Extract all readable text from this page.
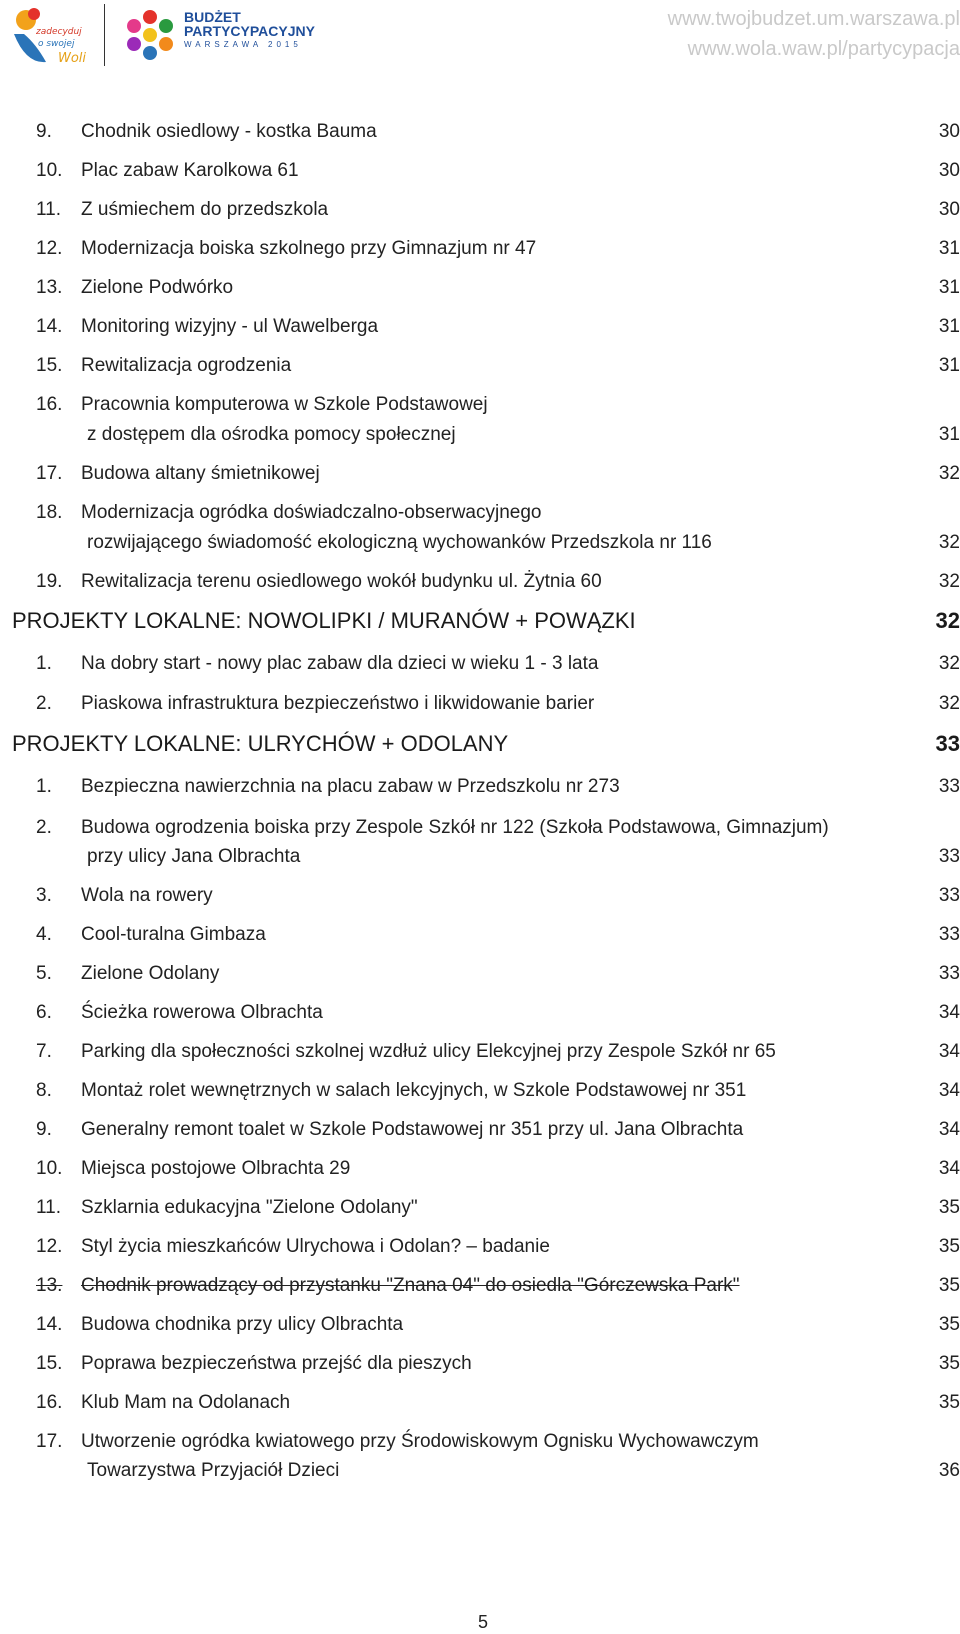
zadecyduj
o swojej
Woli
BUDŻET
PARTYCYPACYJNY
WARSZAWA 2015
www.twojbudzet.um.warszawa.pl
www.wola.waw.pl/partycypacja
9. Chodnik osiedlowy - kostka Bauma	30
10. Plac zabaw Karolkowa 61	30
11. Z uśmiechem do przedszkola	30
12. Modernizacja boiska szkolnego przy Gimnazjum nr 47	31
13. Zielone Podwórko	31
14. Monitoring wizyjny - ul Wawelberga	31
15. Rewitalizacja ogrodzenia	31
16. Pracownia komputerowa w Szkole Podstawowej
z dostępem dla ośrodka pomocy społecznej	31
17. Budowa altany śmietnikowej	32
18. Modernizacja ogródka doświadczalno-obserwacyjnego
rozwijającego świadomość ekologiczną wychowanków Przedszkola nr 116	32
19. Rewitalizacja terenu osiedlowego wokół budynku ul. Żytnia 60	32
PROJEKTY LOKALNE: NOWOLIPKI / MURANÓW + POWĄZKI	32
1. Na dobry start - nowy plac zabaw dla dzieci w wieku 1 - 3 lata	32
2. Piaskowa infrastruktura bezpieczeństwo i likwidowanie barier	32
PROJEKTY LOKALNE: ULRYCHÓW + ODOLANY	33
1. Bezpieczna nawierzchnia na placu zabaw w Przedszkolu nr 273	33
2. Budowa ogrodzenia boiska przy Zespole Szkół nr 122 (Szkoła Podstawowa, Gimnazjum)
przy ulicy Jana Olbrachta	33
3. Wola na rowery	33
4. Cool-turalna Gimbaza	33
5. Zielone Odolany	33
6. Ścieżka rowerowa Olbrachta	34
7. Parking dla społeczności szkolnej wzdłuż ulicy Elekcyjnej przy Zespole Szkół nr 65	34
8. Montaż rolet wewnętrznych w salach lekcyjnych, w Szkole Podstawowej nr 351	34
9. Generalny remont toalet w Szkole Podstawowej nr 351 przy ul. Jana Olbrachta	34
10. Miejsca postojowe Olbrachta 29	34
11. Szklarnia edukacyjna "Zielone Odolany"	35
12. Styl życia mieszkańców Ulrychowa i Odolan? – badanie	35
13. Chodnik prowadzący od przystanku "Znana 04" do osiedla "Górczewska Park"	35
14. Budowa chodnika przy ulicy Olbrachta	35
15. Poprawa bezpieczeństwa przejść dla pieszych	35
16. Klub Mam na Odolanach	35
17. Utworzenie ogródka kwiatowego przy Środowiskowym Ognisku Wychowawczym
Towarzystwa Przyjaciół Dzieci	36
5
